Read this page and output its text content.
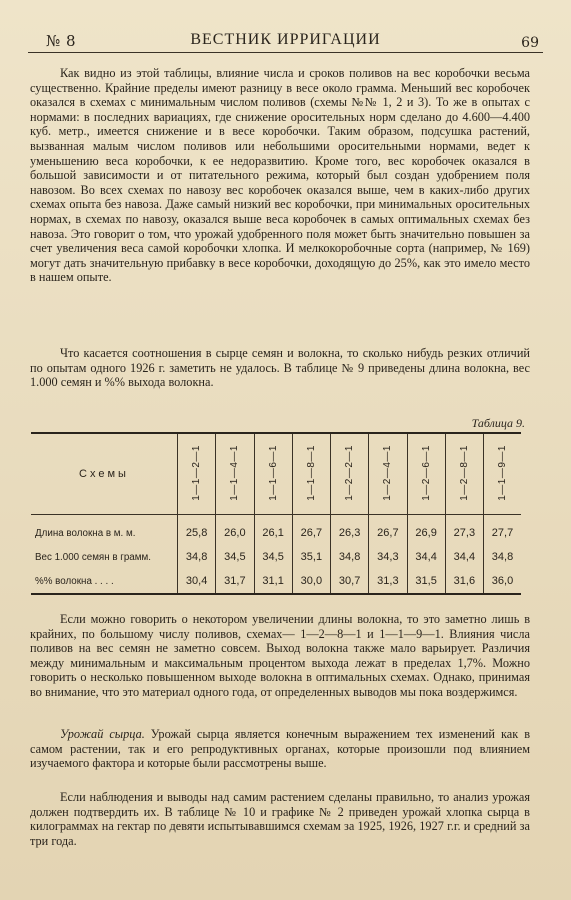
№ 8	ВЕСТНИК ИРРИГАЦИИ	69

Как видно из этой таблицы, влияние числа и сроков поливов на вес коробочки весьма существенно. Крайние пределы имеют разницу в весе около грамма. Меньший вес коробочек оказался в схемах с минимальным числом поливов (схемы №№ 1, 2 и 3). То же в опытах с нормами: в последних вариациях, где снижение оросительных норм сделано до 4.600—4.400 куб. метр., имеется снижение и в весе коробочки. Таким образом, подсушка растений, вызванная малым числом поливов или небольшими оросительными нормами, ведет к уменьшению веса коробочки, к ее недоразвитию. Кроме того, вес коробочек оказался в большой зависимости и от питательного режима, который был создан удобрением поля навозом. Во всех схемах по навозу вес коробочек оказался выше, чем в каких-либо других схемах опыта без навоза. Даже самый низкий вес коробочки, при минимальных оросительных нормах, в схемах по навозу, оказался выше веса коробочек в самых оптимальных схемах без навоза. Это говорит о том, что урожай удобренного поля может быть значительно повышен за счет увеличения веса самой коробочки хлопка. И мелкокоробочные сорта (например, № 169) могут дать значительную прибавку в весе коробочки, доходящую до 25%, как это имело место в нашем опыте.

Что касается соотношения в сырце семян и волокна, то сколько нибудь резких отличий по опытам одного 1926 г. заметить не удалось. В таблице № 9 приведены длина волокна, вес 1.000 семян и %% выхода волокна.

Таблица 9.
Схемы	1—1—2—1	1—1—4—1	1—1—6—1	1—1—8—1	1—2—2—1	1—2—4—1	1—2—6—1	1—2—8—1	1—1—9—1
Длина волокна в м. м.	25,8	26,0	26,1	26,7	26,3	26,7	26,9	27,3	27,7
Вес 1.000 семян в грамм.	34,8	34,5	34,5	35,1	34,8	34,3	34,4	34,4	34,8
%% волокна . . . .	30,4	31,7	31,1	30,0	30,7	31,3	31,5	31,6	36,0

Если можно говорить о некотором увеличении длины волокна, то это заметно лишь в крайних, по большому числу поливов, схемах— 1—2—8—1 и 1—1—9—1. Влияния числа поливов на вес семян не заметно совсем. Выход волокна также мало варьирует. Различия между минимальным и максимальным процентом выхода лежат в пределах 1,7%. Можно говорить о несколько повышенном выходе волокна в оптимальных схемах. Однако, принимая во внимание, что это материал одного года, от определенных выводов мы пока воздержимся.

Урожай сырца. Урожай сырца является конечным выражением тех изменений как в самом растении, так и его репродуктивных органах, которые произошли под влиянием изучаемого фактора и которые были рассмотрены выше.

Если наблюдения и выводы над самим растением сделаны правильно, то анализ урожая должен подтвердить их. В таблице № 10 и графике № 2 приведен урожай хлопка сырца в килограммах на гектар по девяти испытывавшимся схемам за 1925, 1926, 1927 г.г. и средний за три года.
